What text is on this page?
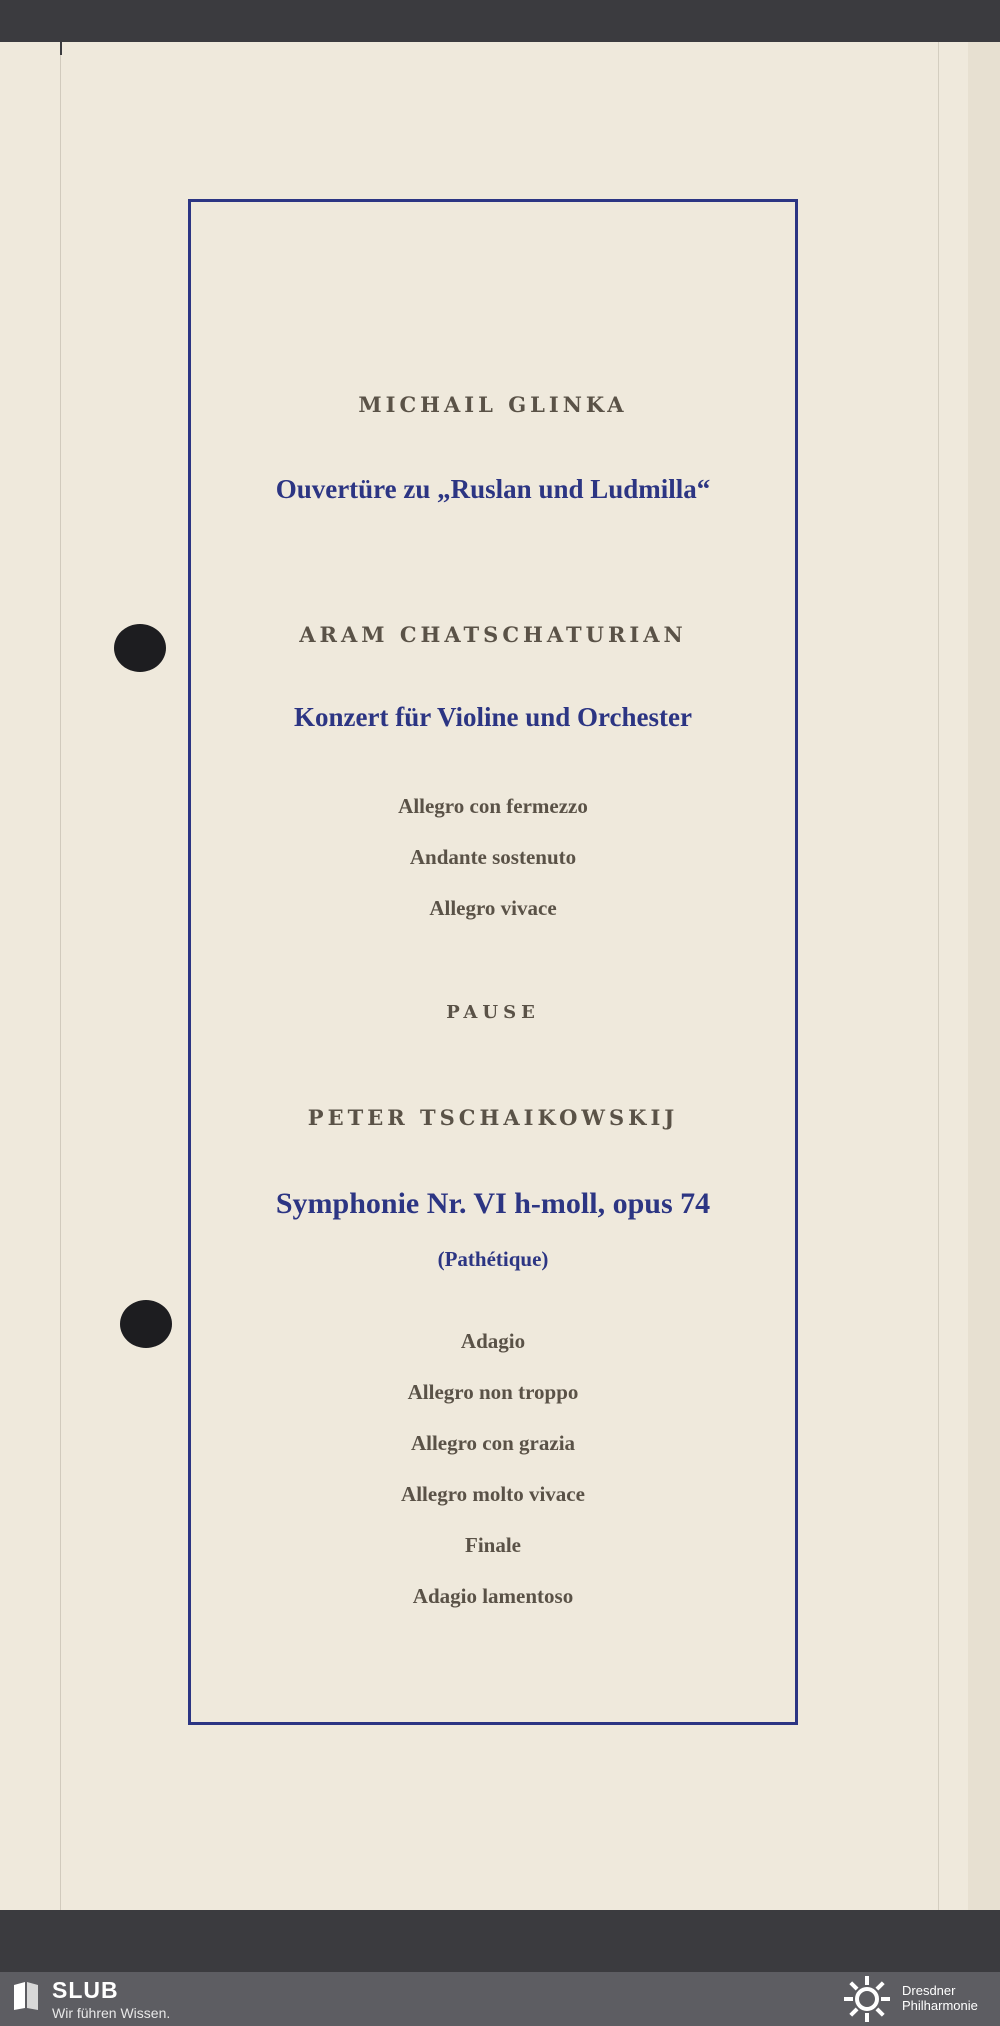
MICHAIL GLINKA
Ouvertüre zu „Ruslan und Ludmilla“
ARAM CHATSCHATURIAN
Konzert für Violine und Orchester
Allegro con fermezzo
Andante sostenuto
Allegro vivace
PAUSE
PETER TSCHAIKOWSKIJ
Symphonie Nr. VI h-moll, opus 74
(Pathétique)
Adagio
Allegro non troppo
Allegro con grazia
Allegro molto vivace
Finale
Adagio lamentoso
SLUB
Wir führen Wissen.
Dresdner
Philharmonie
